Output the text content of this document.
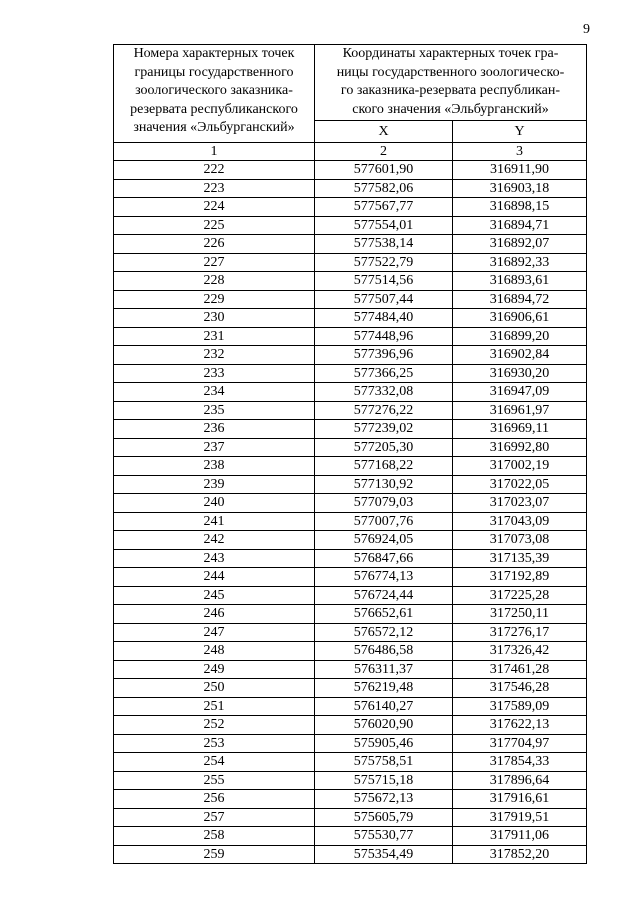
9
Номера характерных точек
границы государственного
зоологического заказника-
резервата республиканского
значения «Эльбурганский»	Координаты характерных точек гра-
ницы государственного зоологическо-
го заказника-резервата республикан-
ского значения «Эльбурганский»	

	X	Y
1	2	3
222	577601,90	316911,90
223	577582,06	316903,18
224	577567,77	316898,15
225	577554,01	316894,71
226	577538,14	316892,07
227	577522,79	316892,33
228	577514,56	316893,61
229	577507,44	316894,72
230	577484,40	316906,61
231	577448,96	316899,20
232	577396,96	316902,84
233	577366,25	316930,20
234	577332,08	316947,09
235	577276,22	316961,97
236	577239,02	316969,11
237	577205,30	316992,80
238	577168,22	317002,19
239	577130,92	317022,05
240	577079,03	317023,07
241	577007,76	317043,09
242	576924,05	317073,08
243	576847,66	317135,39
244	576774,13	317192,89
245	576724,44	317225,28
246	576652,61	317250,11
247	576572,12	317276,17
248	576486,58	317326,42
249	576311,37	317461,28
250	576219,48	317546,28
251	576140,27	317589,09
252	576020,90	317622,13
253	575905,46	317704,97
254	575758,51	317854,33
255	575715,18	317896,64
256	575672,13	317916,61
257	575605,79	317919,51
258	575530,77	317911,06
259	575354,49	317852,20
